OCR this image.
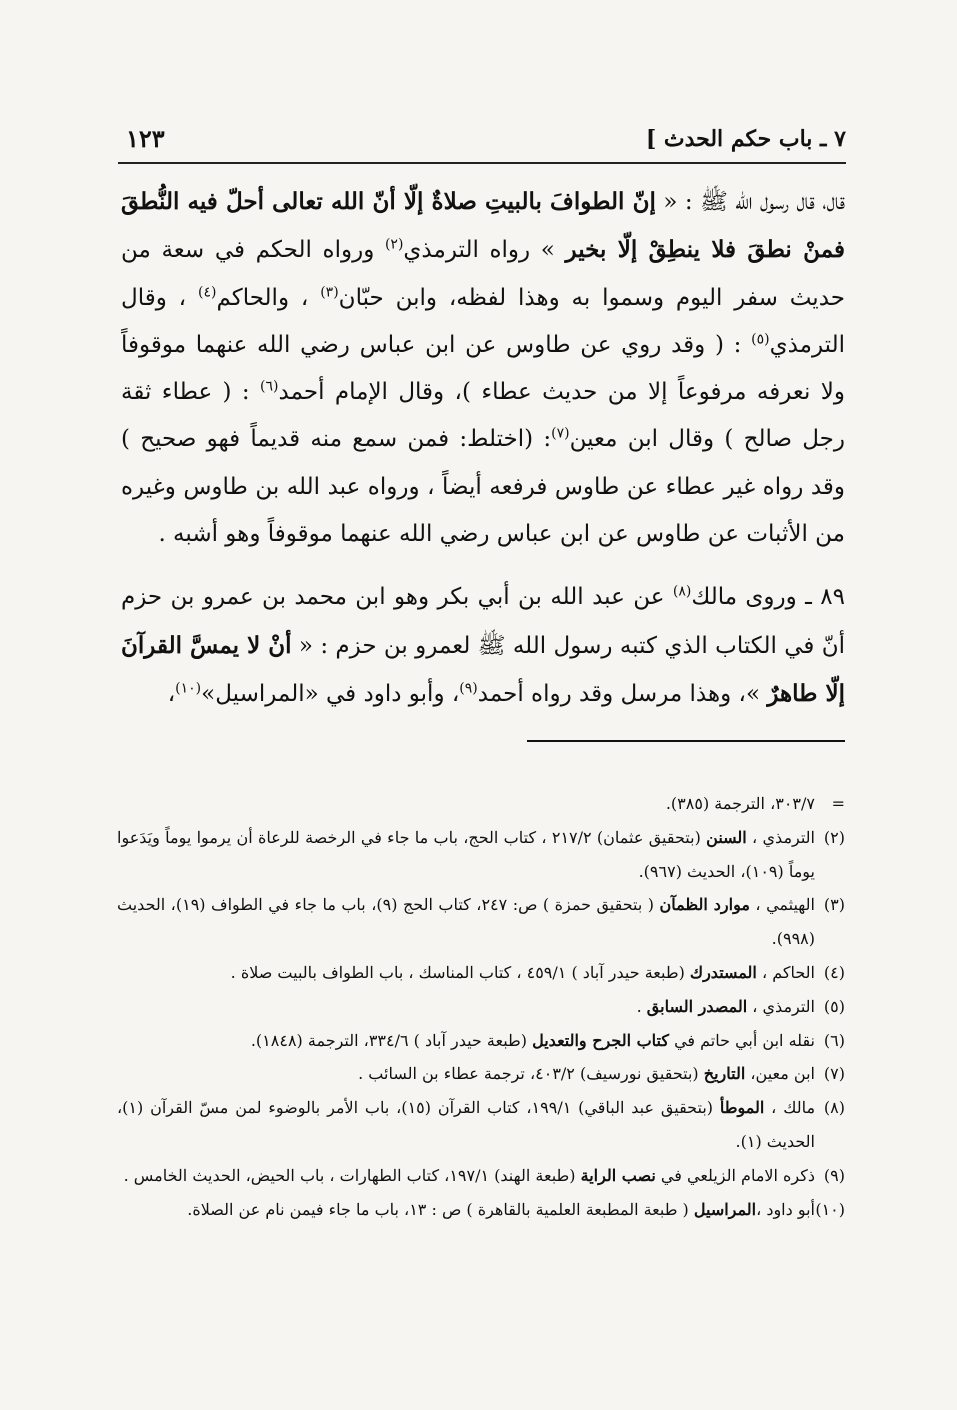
٧ ـ باب حكم الحدث ]
١٢٣

قال، قال رسول الله ﷺ : « إنّ الطوافَ بالبيتِ صلاةٌ إلّا أنّ الله تعالى أحلّ فيه النُّطقَ فمنْ نطقَ فلا ينطِقْ إلّا بخير » رواه الترمذي$^{(٢)}$ ورواه الحكم في سعة من حديث سفر اليوم وسموا به وهذا لفظه، وابن حبّان$^{(٣)}$ ، والحاكم$^{(٤)}$ ، وقال الترمذي$^{(٥)}$ : ( وقد روي عن طاوس عن ابن عباس رضي الله عنهما موقوفاً ولا نعرفه مرفوعاً إلا من حديث عطاء )، وقال الإمام أحمد$^{(٦)}$ : ( عطاء ثقة رجل صالح ) وقال ابن معين$^{(٧)}$: (اختلط: فمن سمع منه قديماً فهو صحيح ) وقد رواه غير عطاء عن طاوس فرفعه أيضاً ، ورواه عبد الله بن طاوس وغيره من الأثبات عن طاوس عن ابن عباس رضي الله عنهما موقوفاً وهو أشبه .

٨٩ ـ وروى مالك$^{(٨)}$ عن عبد الله بن أبي بكر وهو ابن محمد بن عمرو بن حزم أنّ في الكتاب الذي كتبه رسول الله ﷺ لعمرو بن حزم : « أنْ لا يمسَّ القرآنَ إلّا طاهرٌ »، وهذا مرسل وقد رواه أحمد$^{(٩)}$، وأبو داود في «المراسيل»$^{(١٠)}$،

=٣٠٣/٧، الترجمة (٣٨٥).

(٢)الترمذي ، السنن (بتحقيق عثمان) ٢١٧/٢ ، كتاب الحج، باب ما جاء في الرخصة للرعاة أن يرموا يوماً ويَدَعوا يوماً (١٠٩)، الحديث (٩٦٧).

(٣)الهيثمي ، موارد الظمآن ( بتحقيق حمزة ) ص: ٢٤٧، كتاب الحج (٩)، باب ما جاء في الطواف (١٩)، الحديث (٩٩٨).

(٤)الحاكم ، المستدرك (طبعة حيدر آباد ) ٤٥٩/١ ، كتاب المناسك ، باب الطواف بالبيت صلاة .

(٥)الترمذي ، المصدر السابق .

(٦)نقله ابن أبي حاتم في كتاب الجرح والتعديل (طبعة حيدر آباد ) ٣٣٤/٦، الترجمة (١٨٤٨).

(٧)ابن معين، التاريخ (بتحقيق نورسيف) ٤٠٣/٢، ترجمة عطاء بن السائب .

(٨)مالك ، الموطأ (بتحقيق عبد الباقي) ١٩٩/١، كتاب القرآن (١٥)، باب الأمر بالوضوء لمن مسّ القرآن (١)، الحديث (١).

(٩)ذكره الامام الزيلعي في نصب الراية (طبعة الهند) ١٩٧/١، كتاب الطهارات ، باب الحيض، الحديث الخامس .

(١٠)أبو داود ،المراسيل ( طبعة المطبعة العلمية بالقاهرة ) ص : ١٣، باب ما جاء فيمن نام عن الصلاة.
